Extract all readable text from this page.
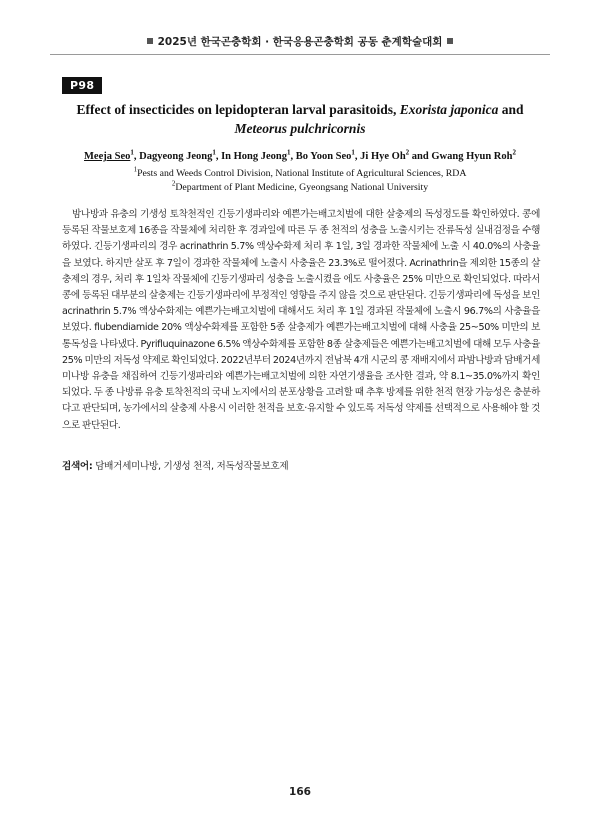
2025년 한국곤충학회 · 한국응용곤충학회 공동 춘계학술대회
P98
Effect of insecticides on lepidopteran larval parasitoids, Exorista japonica and
Meteorus pulchricornis
Meeja Seo$^1$, Dagyeong Jeong$^1$, In Hong Jeong$^1$, Bo Yoon Seo$^1$, Ji Hye Oh$^2$ and Gwang Hyun Roh$^2$
$^1$Pests and Weeds Control Division, National Institute of Agricultural Sciences, RDA
$^2$Department of Plant Medicine, Gyeongsang National University

밤나방과 유충의 기생성 토착천적인 긴등기생파리와 예쁜가는배고치벌에 대한 살충제의 독성정도를 확인하였다. 콩에 등록된 작물보호제 16종을 작물체에 처리한 후 경과일에 따른 두 종 천적의 성충을 노출시키는 잔류독성 실내검정을 수행하였다. 긴등기생파리의 경우 acrinathrin 5.7% 액상수화제 처리 후 1일, 3일 경과한 작물체에 노출 시 40.0%의 사충율을 보였다. 하지만 살포 후 7일이 경과한 작물체에 노출시 사충율은 23.3%로 떨어졌다. Acrinathrin을 제외한 15종의 살충제의 경우, 처리 후 1일차 작물체에 긴등기생파리 성충을 노출시켰을 에도 사충율은 25% 미만으로 확인되었다. 따라서 콩에 등록된 대부분의 살충제는 긴등기생파리에 부정적인 영향을 주지 않을 것으로 판단된다. 긴등기생파리에 독성을 보인 acrinathrin 5.7% 액상수화제는 예쁜가는배고치벌에 대해서도 처리 후 1일 경과된 작물체에 노출시 96.7%의 사충율을 보였다. flubendiamide 20% 액상수화제를 포함한 5종 살충제가 예쁜가는배고치벌에 대해 사충율 25~50% 미만의 보통독성을 나타냈다. Pyrifluquinazone 6.5% 액상수화제를 포함한 8종 살충제들은 예쁜가는배고치벌에 대해 모두 사충율 25% 미만의 저독성 약제로 확인되었다. 2022년부터 2024년까지 전남북 4개 시군의 콩 재배지에서 파밤나방과 담배거세미나방 유충을 채집하여 긴등기생파리와 예쁜가는배고치벌에 의한 자연기생율을 조사한 결과, 약 8.1~35.0%까지 확인되었다. 두 종 나방류 유충 토착천적의 국내 노지에서의 분포상황을 고려할 때 추후 방제를 위한 천적 현장 가능성은 충분하다고 판단되며, 농가에서의 살충제 사용시 이러한 천적을 보호·유지할 수 있도록 저독성 약제를 선택적으로 사용해야 할 것으로 판단된다.

검색어: 담배거세미나방, 기생성 천적, 저독성작물보호제
166
